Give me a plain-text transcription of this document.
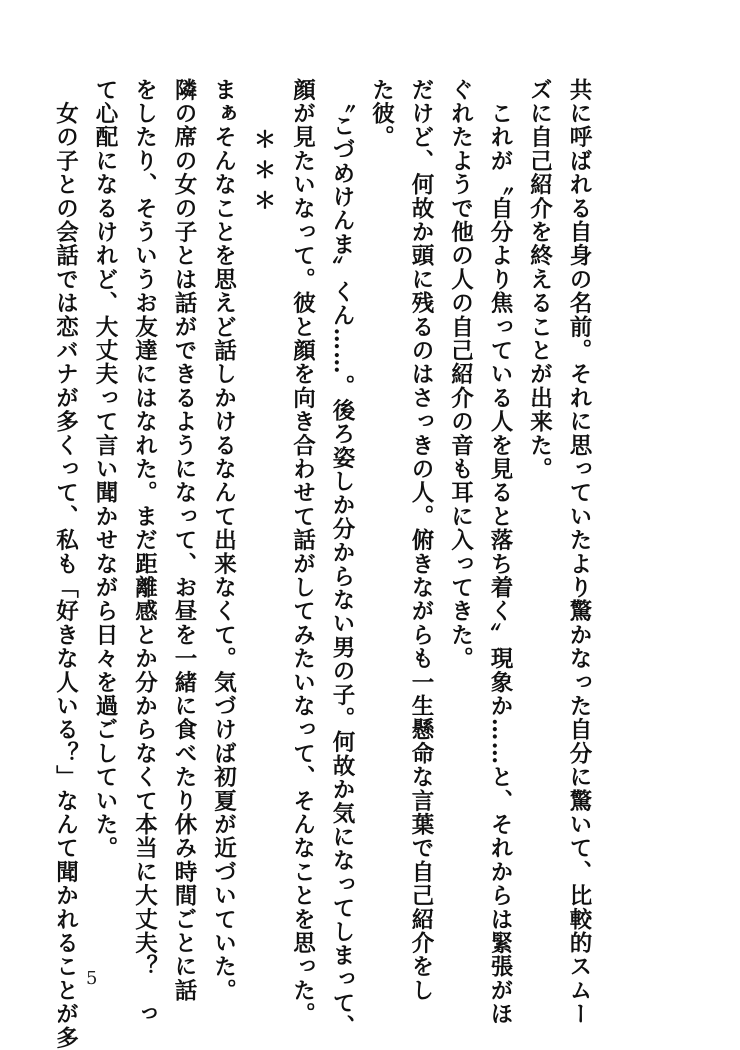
共に呼ばれる自身の名前。それに思っていたより驚かなった自分に驚いて、比較的スムー
ズに自己紹介を終えることが出来た。
　これが〝自分より焦っている人を見ると落ち着く〟現象か……と、それからは緊張がほ
ぐれたようで他の人の自己紹介の音も耳に入ってきた。
だけど、何故か頭に残るのはさっきの人。俯きながらも一生懸命な言葉で自己紹介をし
た彼。
　〝こづめけんま〟くん……。後ろ姿しか分からない男の子。何故か気になってしまって、
顔が見たいなって。彼と顔を向き合わせて話がしてみたいなって、そんなことを思った。
＊＊＊
まぁそんなことを思えど話しかけるなんて出来なくて。気づけば初夏が近づいていた。
隣の席の女の子とは話ができるようになって、お昼を一緒に食べたり休み時間ごとに話
をしたり、そういうお友達にはなれた。まだ距離感とか分からなくて本当に大丈夫？　っ
て心配になるけれど、大丈夫って言い聞かせながら日々を過ごしていた。
　女の子との会話では恋バナが多くって、私も「好きな人いる？」なんて聞かれることが多 5
